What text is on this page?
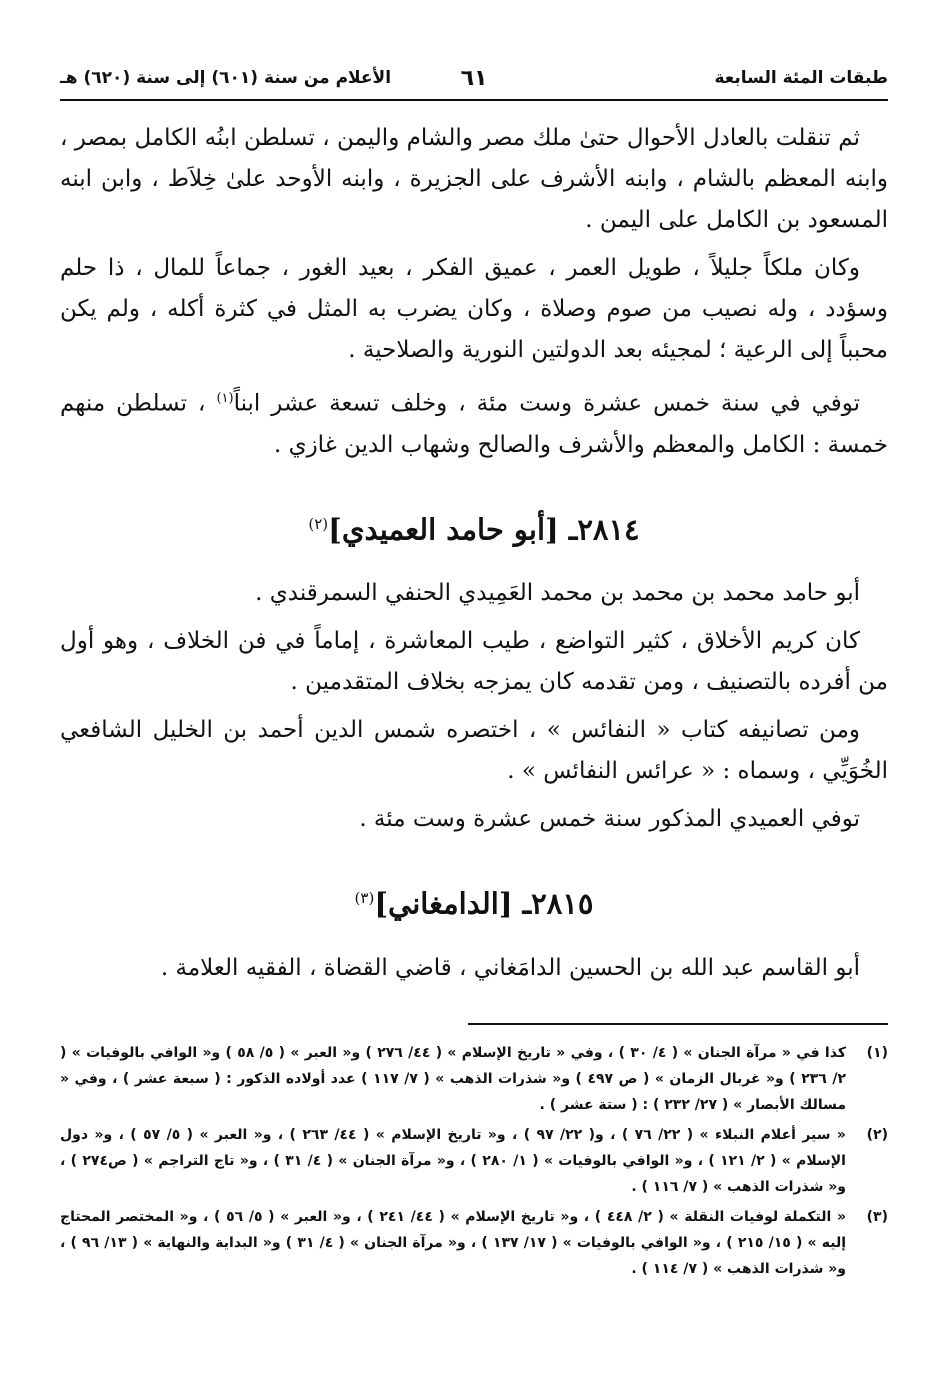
طبقات المئة السابعة
٦١
الأعلام من سنة (٦٠١) إلى سنة (٦٢٠) هـ

ثم تنقلت بالعادل الأحوال حتىٰ ملك مصر والشام واليمن ، تسلطن ابنُه الكامل بمصر ، وابنه المعظم بالشام ، وابنه الأشرف على الجزيرة ، وابنه الأوحد علىٰ خِلاَط ، وابن ابنه المسعود بن الكامل على اليمن .

وكان ملكاً جليلاً ، طويل العمر ، عميق الفكر ، بعيد الغور ، جماعاً للمال ، ذا حلم وسؤدد ، وله نصيب من صوم وصلاة ، وكان يضرب به المثل في كثرة أكله ، ولم يكن محبباً إلى الرعية ؛ لمجيئه بعد الدولتين النورية والصلاحية .

توفي في سنة خمس عشرة وست مئة ، وخلف تسعة عشر ابناً$^{(١)}$ ، تسلطن منهم خمسة : الكامل والمعظم والأشرف والصالح وشهاب الدين غازي .

٢٨١٤ـ [أبو حامد العميدي]$^{(٢)}$

أبو حامد محمد بن محمد بن محمد العَمِيدي الحنفي السمرقندي .

كان كريم الأخلاق ، كثير التواضع ، طيب المعاشرة ، إماماً في فن الخلاف ، وهو أول من أفرده بالتصنيف ، ومن تقدمه كان يمزجه بخلاف المتقدمين .

ومن تصانيفه كتاب « النفائس » ، اختصره شمس الدين أحمد بن الخليل الشافعي الخُوَيِّي ، وسماه : « عرائس النفائس » .

توفي العميدي المذكور سنة خمس عشرة وست مئة .

٢٨١٥ـ [الدامغاني]$^{(٣)}$

أبو القاسم عبد الله بن الحسين الدامَغاني ، قاضي القضاة ، الفقيه العلامة .

(١)
كذا في « مرآة الجنان » ( ٤/ ٣٠ ) ، وفي « تاريخ الإسلام » ( ٤٤/ ٢٧٦ ) و« العبر » ( ٥/ ٥٨ ) و« الوافي بالوفيات » ( ٢/ ٢٣٦ ) و« غربال الزمان » ( ص ٤٩٧ ) و« شذرات الذهب » ( ٧/ ١١٧ ) عدد أولاده الذكور : ( سبعة عشر ) ، وفي « مسالك الأبصار » ( ٢٧/ ٢٣٢ ) : ( ستة عشر ) .
(٢)
« سير أعلام النبلاء » ( ٢٢/ ٧٦ ) ، و( ٢٢/ ٩٧ ) ، و« تاريخ الإسلام » ( ٤٤/ ٢٦٣ ) ، و« العبر » ( ٥/ ٥٧ ) ، و« دول الإسلام » ( ٢/ ١٢١ ) ، و« الوافي بالوفيات » ( ١/ ٢٨٠ ) ، و« مرآة الجنان » ( ٤/ ٣١ ) ، و« تاج التراجم » ( ص٢٧٤ ) ، و« شذرات الذهب » ( ٧/ ١١٦ ) .
(٣)
« التكملة لوفيات النقلة » ( ٢/ ٤٤٨ ) ، و« تاريخ الإسلام » ( ٤٤/ ٢٤١ ) ، و« العبر » ( ٥/ ٥٦ ) ، و« المختصر المحتاج إليه » ( ١٥/ ٢١٥ ) ، و« الوافي بالوفيات » ( ١٧/ ١٣٧ ) ، و« مرآة الجنان » ( ٤/ ٣١ ) و« البداية والنهاية » ( ١٣/ ٩٦ ) ، و« شذرات الذهب » ( ٧/ ١١٤ ) .
